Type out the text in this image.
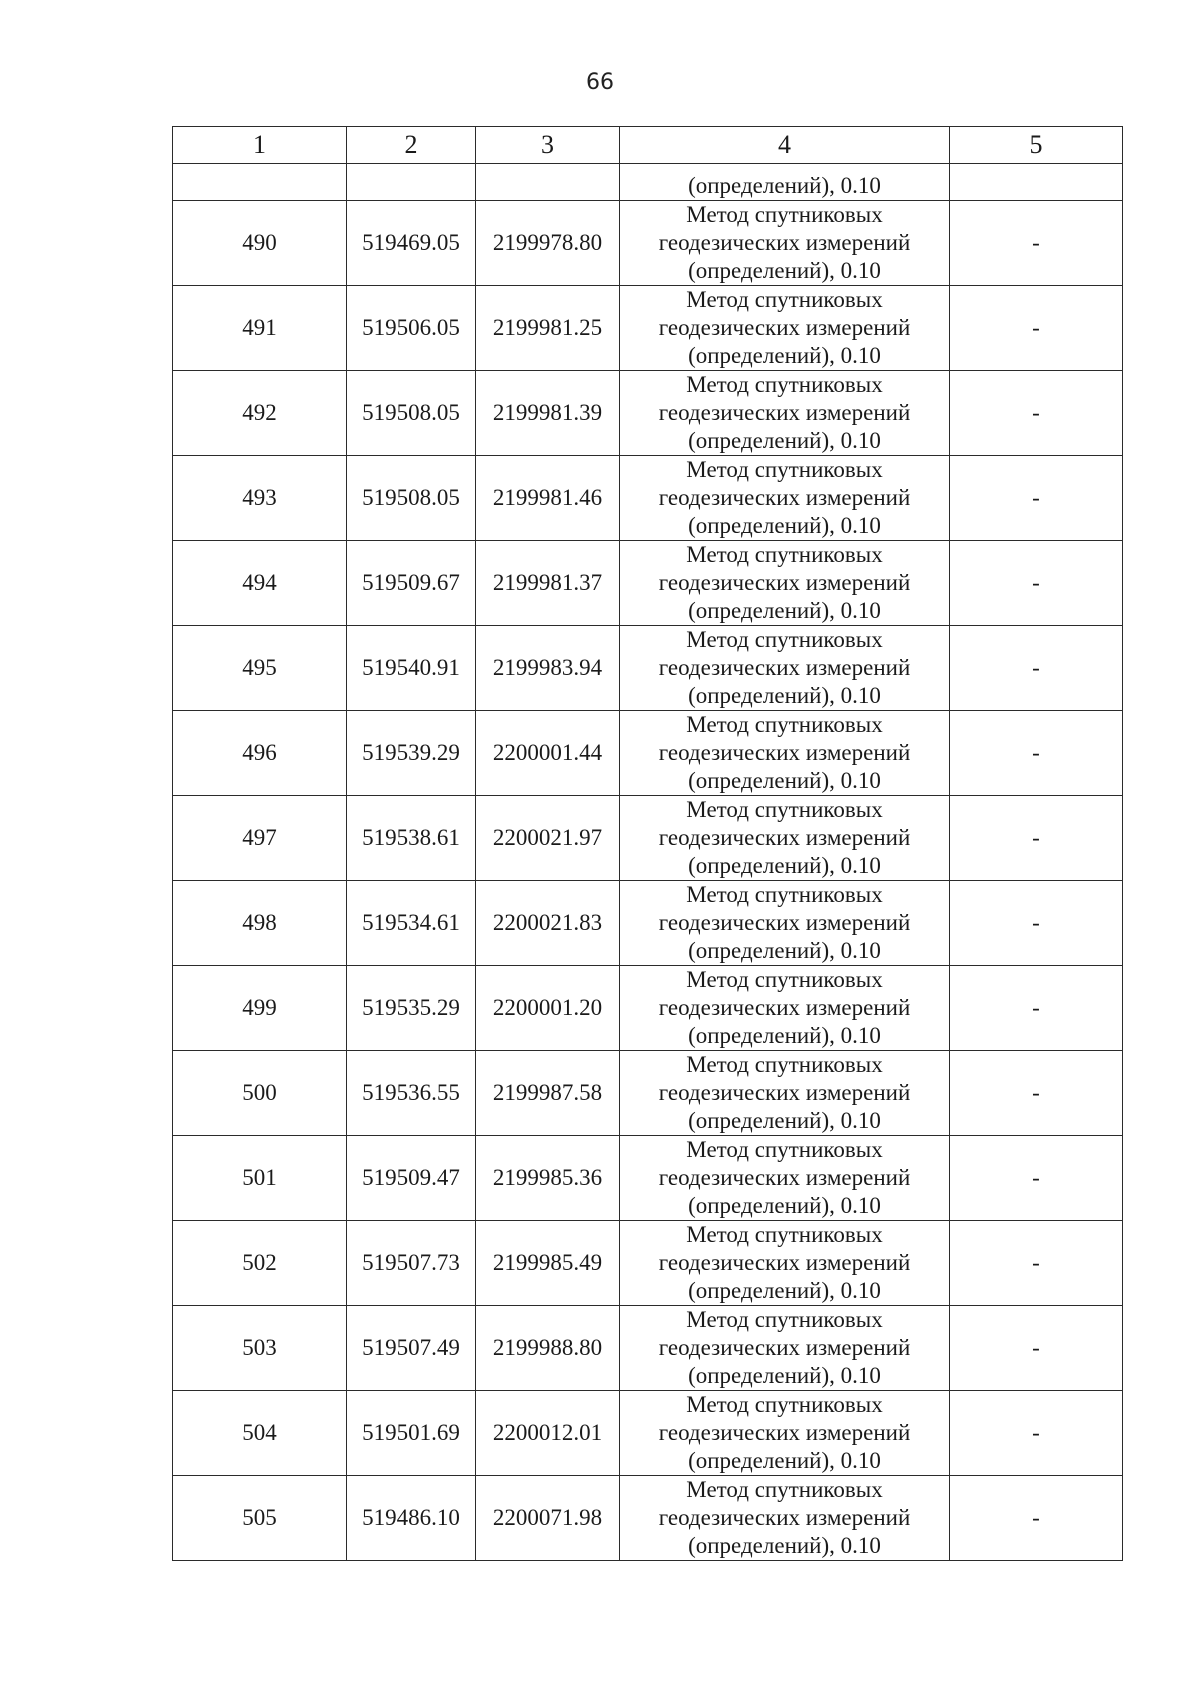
66
1	2	3	4	5
			(определений), 0.10	
490	519469.05	2199978.80	Метод спутниковых
геодезических измерений
(определений), 0.10	-
491	519506.05	2199981.25	Метод спутниковых
геодезических измерений
(определений), 0.10	-
492	519508.05	2199981.39	Метод спутниковых
геодезических измерений
(определений), 0.10	-
493	519508.05	2199981.46	Метод спутниковых
геодезических измерений
(определений), 0.10	-
494	519509.67	2199981.37	Метод спутниковых
геодезических измерений
(определений), 0.10	-
495	519540.91	2199983.94	Метод спутниковых
геодезических измерений
(определений), 0.10	-
496	519539.29	2200001.44	Метод спутниковых
геодезических измерений
(определений), 0.10	-
497	519538.61	2200021.97	Метод спутниковых
геодезических измерений
(определений), 0.10	-
498	519534.61	2200021.83	Метод спутниковых
геодезических измерений
(определений), 0.10	-
499	519535.29	2200001.20	Метод спутниковых
геодезических измерений
(определений), 0.10	-
500	519536.55	2199987.58	Метод спутниковых
геодезических измерений
(определений), 0.10	-
501	519509.47	2199985.36	Метод спутниковых
геодезических измерений
(определений), 0.10	-
502	519507.73	2199985.49	Метод спутниковых
геодезических измерений
(определений), 0.10	-
503	519507.49	2199988.80	Метод спутниковых
геодезических измерений
(определений), 0.10	-
504	519501.69	2200012.01	Метод спутниковых
геодезических измерений
(определений), 0.10	-
505	519486.10	2200071.98	Метод спутниковых
геодезических измерений
(определений), 0.10	-
